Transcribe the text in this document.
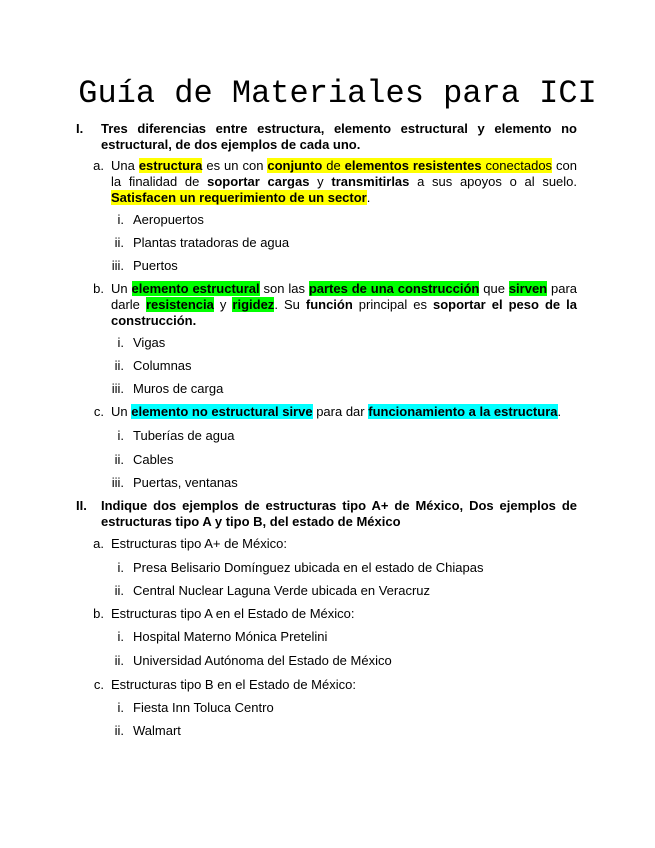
Guía de Materiales para ICI
I. Tres diferencias entre estructura, elemento estructural y elemento no estructural, de dos ejemplos de cada uno.

a. Una estructura es un con conjunto de elementos resistentes conectados con la finalidad de soportar cargas y transmitirlas a sus apoyos o al suelo. Satisfacen un requerimiento de un sector.

i. Aeropuertos
ii. Plantas tratadoras de agua
iii. Puertos
b. Un elemento estructural son las partes de una construcción que sirven para darle resistencia y rigidez. Su función principal es soportar el peso de la construcción.

i. Vigas
ii. Columnas
iii. Muros de carga
c. Un elemento no estructural sirve para dar funcionamiento a la estructura.

i. Tuberías de agua
ii. Cables
iii. Puertas, ventanas
II. Indique dos ejemplos de estructuras tipo A+ de México, Dos ejemplos de estructuras tipo A y tipo B, del estado de México

a. Estructuras tipo A+ de México:
i. Presa Belisario Domínguez ubicada en el estado de Chiapas
ii. Central Nuclear Laguna Verde ubicada en Veracruz
b. Estructuras tipo A en el Estado de México:
i. Hospital Materno Mónica Pretelini
ii. Universidad Autónoma del Estado de México
c. Estructuras tipo B en el Estado de México:
i. Fiesta Inn Toluca Centro
ii. Walmart
